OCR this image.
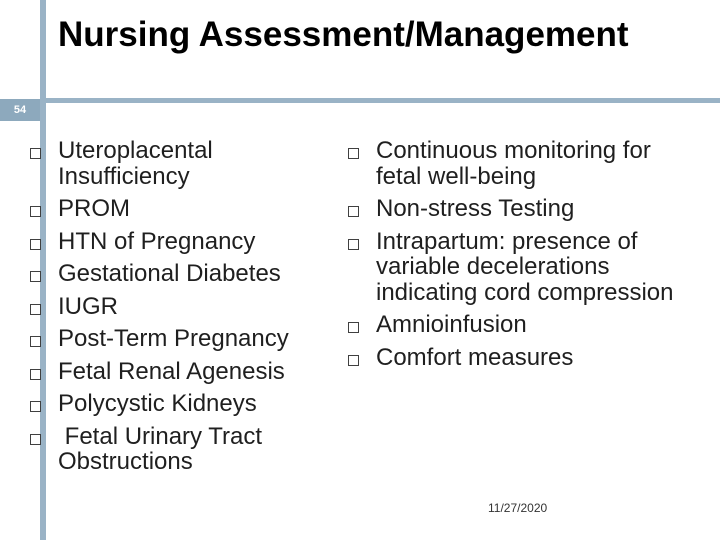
54
Nursing Assessment/Management
Uteroplacental Insufficiency
PROM
HTN of Pregnancy
Gestational Diabetes
IUGR
Post-Term Pregnancy
Fetal Renal Agenesis
Polycystic Kidneys
Fetal Urinary Tract Obstructions
Continuous monitoring for fetal well-being
Non-stress Testing
Intrapartum: presence of variable decelerations indicating cord compression
Amnioinfusion
Comfort measures
11/27/2020
